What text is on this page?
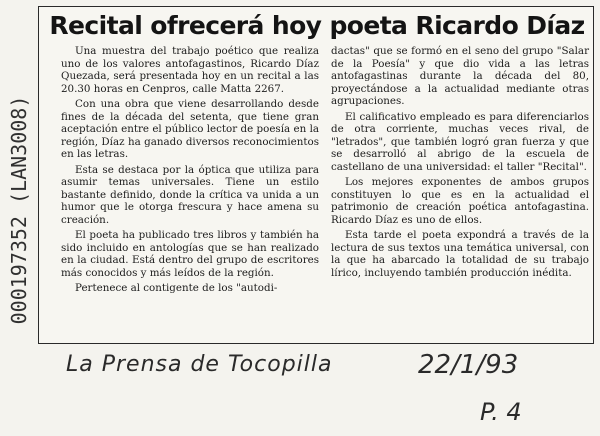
Recital ofrecerá hoy poeta Ricardo Díaz

Una muestra del trabajo poético que realiza uno de los valores antofagastinos, Ricardo Díaz Quezada, será presentada hoy en un recital a las 20.30 horas en Cenpros, calle Matta 2267.

Con una obra que viene desarrollando desde fines de la década del setenta, que tiene gran aceptación entre el público lector de poesía en la región, Díaz ha ganado diversos reconocimientos en las letras.

Esta se destaca por la óptica que utiliza para asumir temas universales. Tiene un estilo bastante definido, donde la crítica va unida a un humor que le otorga frescura y hace amena su creación.

El poeta ha publicado tres libros y también ha sido incluido en antologías que se han realizado en la ciudad. Está dentro del grupo de escritores más conocidos y más leídos de la región.

Pertenece al contigente de los "autodi-

dactas" que se formó en el seno del grupo "Salar de la Poesía" y que dio vida a las letras antofagastinas durante la década del 80, proyectándose a la actualidad mediante otras agrupaciones.

El calificativo empleado es para diferenciarlos de otra corriente, muchas veces rival, de "letrados", que también logró gran fuerza y que se desarrolló al abrigo de la escuela de castellano de una universidad: el taller "Recital".

Los mejores exponentes de ambos grupos constituyen lo que es en la actualidad el patrimonio de creación poética antofagastina. Ricardo Díaz es uno de ellos.

Esta tarde el poeta expondrá a través de la lectura de sus textos una temática universal, con la que ha abarcado la totalidad de su trabajo lírico, incluyendo también producción inédita.

000197352 (LAN3008)
La Prensa de Tocopilla	22/1/93
P. 4
